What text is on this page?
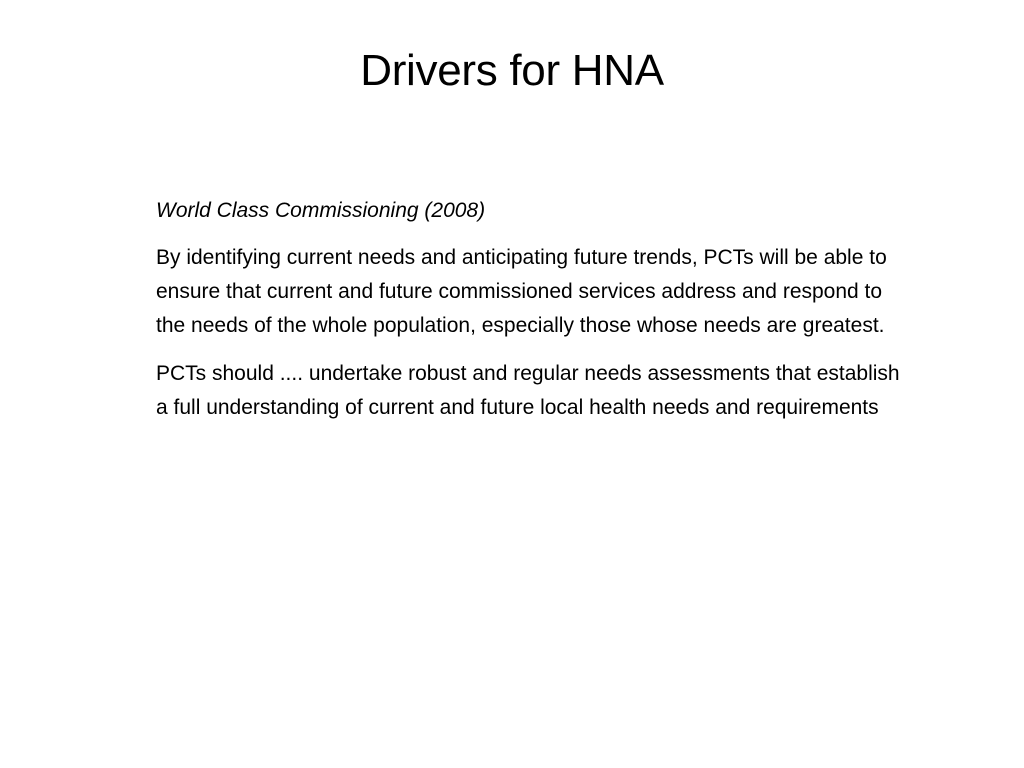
Drivers for HNA

World Class Commissioning (2008)

By identifying current needs and anticipating future trends, PCTs will be able to ensure that current and future commissioned services address and respond to the needs of the whole population, especially those whose needs are greatest.

PCTs should .... undertake robust and regular needs assessments that establish a full understanding of current and future local health needs and requirements
